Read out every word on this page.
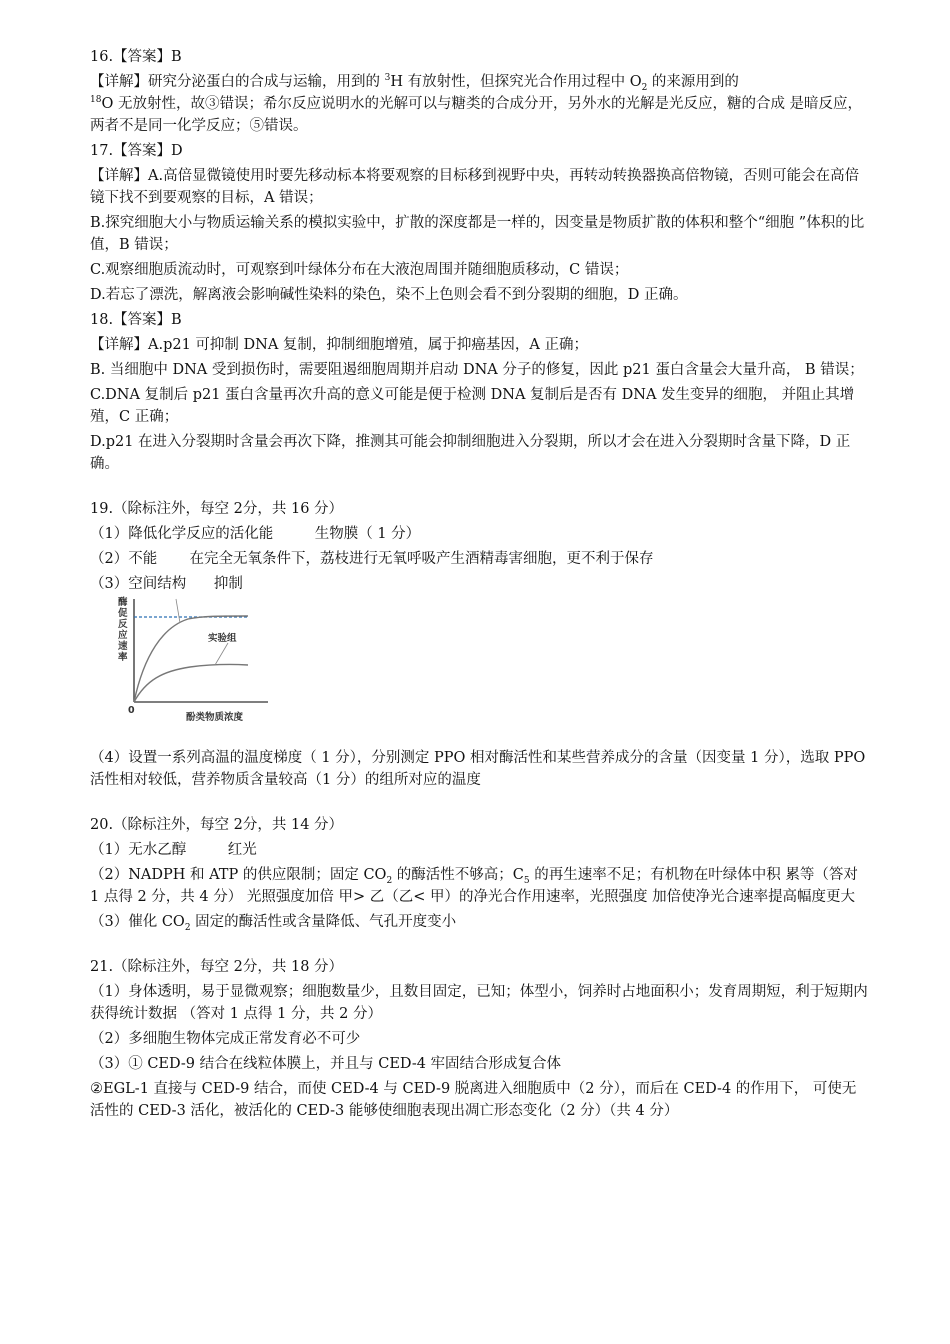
16.【答案】B

【详解】研究分泌蛋白的合成与运输，用到的 $^3$H 有放射性，但探究光合作用过程中 $O_2$ 的来源用到的
$^{18}$O 无放射性，故③错误；希尔反应说明水的光解可以与糖类的合成分开，另外水的光解是光反应，糖的合成 是暗反应，两者不是同一化学反应；⑤错误。

17.【答案】D

【详解】A.高倍显微镜使用时要先移动标本将要观察的目标移到视野中央，再转动转换器换高倍物镜，否则可能会在高倍镜下找不到要观察的目标，A 错误；

B.探究细胞大小与物质运输关系的模拟实验中，扩散的深度都是一样的，因变量是物质扩散的体积和整个“细胞 ”体积的比值，B 错误；

C.观察细胞质流动时，可观察到叶绿体分布在大液泡周围并随细胞质移动，C 错误；

D.若忘了漂洗，解离液会影响碱性染料的染色，染不上色则会看不到分裂期的细胞，D 正确。

18.【答案】B

【详解】A.p21 可抑制 DNA 复制，抑制细胞增殖，属于抑癌基因，A 正确；

B. 当细胞中 DNA 受到损伤时，需要阻遏细胞周期并启动 DNA 分子的修复，因此 p21 蛋白含量会大量升高， B 错误；

C.DNA 复制后 p21 蛋白含量再次升高的意义可能是便于检测 DNA 复制后是否有 DNA 发生变异的细胞， 并阻止其增殖，C 正确；

D.p21 在进入分裂期时含量会再次下降，推测其可能会抑制细胞进入分裂期，所以才会在进入分裂期时含量下降，D 正确。

19.（除标注外，每空 2分，共 16 分）

（1）降低化学反应的活化能         生物膜（ 1 分）

（2）不能       在完全无氧条件下，荔枝进行无氧呼吸产生酒精毒害细胞，更不利于保存

（3）空间结构      抑制

酶促反应速率
实验组
0
酚类物质浓度

（4）设置一系列高温的温度梯度（ 1 分），分别测定 PPO 相对酶活性和某些营养成分的含量（因变量 1 分），选取 PPO 活性相对较低，营养物质含量较高（1 分）的组所对应的温度

20.（除标注外，每空 2分，共 14 分）

（1）无水乙醇         红光

（2）NADPH 和 ATP 的供应限制；固定 $CO_2$ 的酶活性不够高；$C_5$ 的再生速率不足；有机物在叶绿体中积 累等（答对 1 点得 2 分，共 4 分） 光照强度加倍 甲> 乙（乙< 甲）的净光合作用速率，光照强度 加倍使净光合速率提高幅度更大

（3）催化 $CO_2$ 固定的酶活性或含量降低、气孔开度变小

21.（除标注外，每空 2分，共 18 分）

（1）身体透明，易于显微观察；细胞数量少，且数目固定，已知；体型小，饲养时占地面积小；发育周期短，利于短期内获得统计数据 （答对 1 点得 1 分，共 2 分）

（2）多细胞生物体完成正常发育必不可少

（3）① CED-9 结合在线粒体膜上，并且与 CED-4 牢固结合形成复合体

②EGL-1 直接与 CED-9 结合，而使 CED-4 与 CED-9 脱离进入细胞质中（2 分），而后在 CED-4 的作用下， 可使无活性的 CED-3 活化，被活化的 CED-3 能够使细胞表现出凋亡形态变化（2 分）（共 4 分）
